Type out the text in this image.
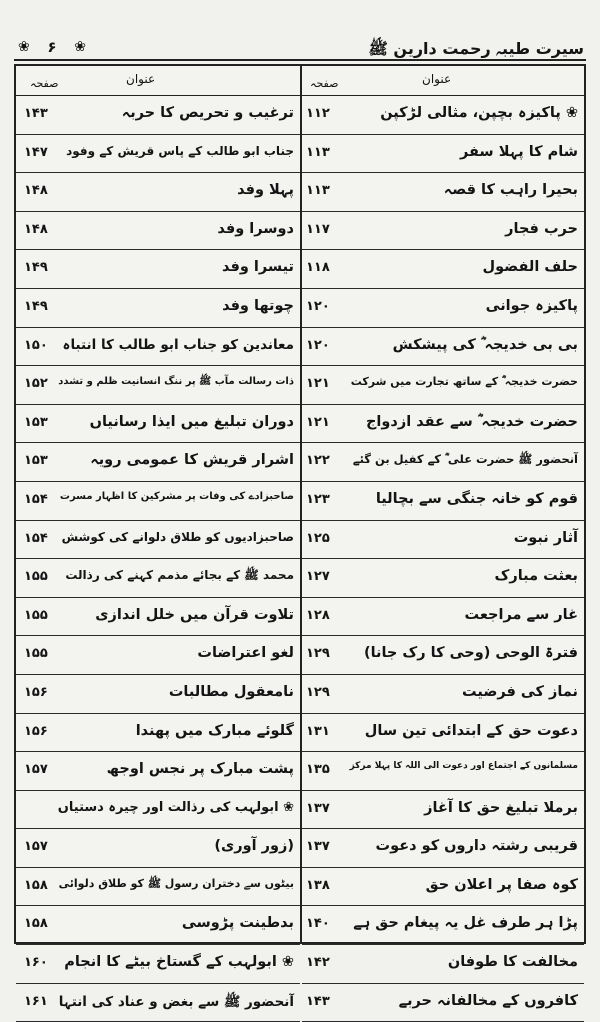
❀ ۶ ❀	سیرت طیبہ رحمت دارین ﷺ
عنوان
صفحہ
عنوان
صفحہ
❀ پاکیزہ بچپن، مثالی لڑکپن
۱۱۲
شام کا پہلا سفر
۱۱۳
بحیرا راہب کا قصہ
۱۱۳
حرب فجار
۱۱۷
حلف الفضول
۱۱۸
پاکیزہ جوانی
۱۲۰
بی بی خدیجہ ؓ کی پیشکش
۱۲۰
حضرت خدیجہ ؓ کے ساتھ تجارت میں شرکت
۱۲۱
حضرت خدیجہ ؓ سے عقد ازدواج
۱۲۱
آنحضور ﷺ حضرت علی ؓ کے کفیل بن گئے
۱۲۲
قوم کو خانہ جنگی سے بچالیا
۱۲۳
آثار نبوت
۱۲۵
بعثت مبارک
۱۲۷
غار سے مراجعت
۱۲۸
فترۃ الوحی (وحی کا رک جانا)
۱۲۹
نماز کی فرضیت
۱۲۹
دعوت حق کے ابتدائی تین سال
۱۳۱
مسلمانوں کے اجتماع اور دعوت الی اللہ کا پہلا مرکز
۱۳۵
برملا تبلیغ حق کا آغاز
۱۳۷
قریبی رشتہ داروں کو دعوت
۱۳۷
کوہ صفا پر اعلان حق
۱۳۸
پڑا ہر طرف غل یہ پیغام حق ہے
۱۴۰
مخالفت کا طوفان
۱۴۲
کافروں کے مخالفانہ حربے
۱۴۳
ترغیب و تحریص کا حربہ
۱۴۳
جناب ابو طالب کے پاس قریش کے وفود
۱۴۷
پہلا وفد
۱۴۸
دوسرا وفد
۱۴۸
تیسرا وفد
۱۴۹
چوتھا وفد
۱۴۹
معاندین کو جناب ابو طالب کا انتباہ
۱۵۰
ذات رسالت مآب ﷺ پر ننگ انسانیت ظلم و تشدد
۱۵۲
دوران تبلیغ میں ایذا رسانیاں
۱۵۳
اشرار قریش کا عمومی رویہ
۱۵۳
صاحبزادے کی وفات پر مشرکین کا اظہار مسرت
۱۵۴
صاحبزادیوں کو طلاق دلوانے کی کوشش
۱۵۴
محمد ﷺ کے بجائے مذمم کہنے کی رذالت
۱۵۵
تلاوت قرآن میں خلل اندازی
۱۵۵
لغو اعتراضات
۱۵۵
نامعقول مطالبات
۱۵۶
گلوئے مبارک میں پھندا
۱۵۶
پشت مبارک پر نجس اوجھ
۱۵۷
❀ ابولہب کی رذالت اور چیرہ دستیاں
(زور آوری)
۱۵۷
بیٹوں سے دختران رسول ﷺ کو طلاق دلوائی
۱۵۸
بدطینت پڑوسی
۱۵۸
❀ ابولہب کے گستاخ بیٹے کا انجام
۱۶۰
آنحضور ﷺ سے بغض و عناد کی انتہا
۱۶۱
